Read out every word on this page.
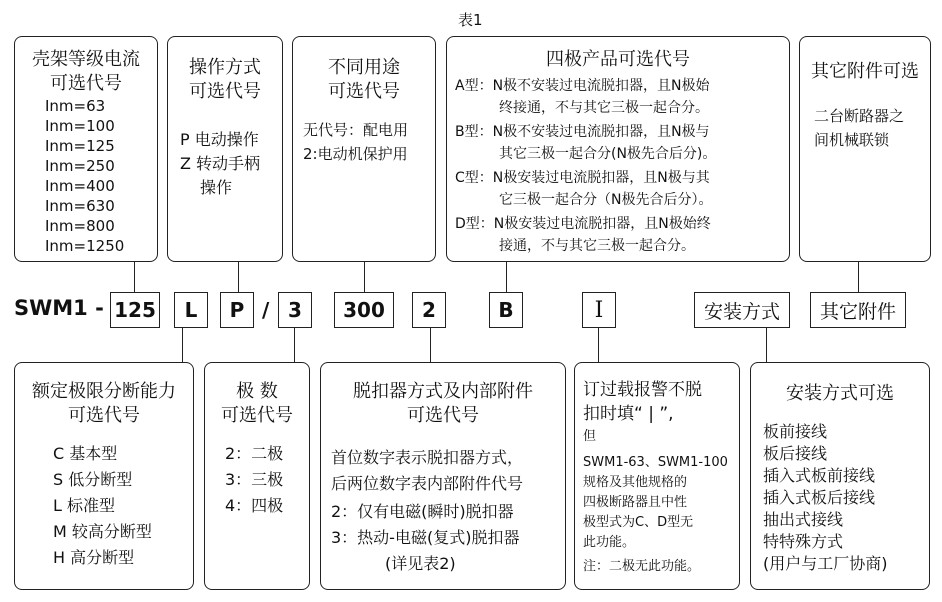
表1
壳架等级电流
可选代号
Inm=63
Inm=100
Inm=125
Inm=250
Inm=400
Inm=630
Inm=800
Inm=1250
操作方式
可选代号
P 电动操作
Z 转动手柄
操作
不同用途
可选代号
无代号：配电用
2:电动机保护用
四极产品可选代号
A型：N极不安装过电流脱扣器，且N极始
终接通，不与其它三极一起合分。
B型：N极不安装过电流脱扣器，且N极与
其它三极一起合分(N极先合后分)。
C型：N极安装过电流脱扣器，且N极与其
它三极一起合分（N极先合后分）。
D型：N极安装过电流脱扣器，且N极始终
接通，不与其它三极一起合分。
其它附件可选
二台断路器之
间机械联锁
SWM1 - 125	L	P / 3	300	2	B	I	安装方式	其它附件
额定极限分断能力
可选代号
C 基本型
S 低分断型
L 标准型
M 较高分断型
H 高分断型
极 数
可选代号
2：二极
3：三极
4：四极
脱扣器方式及内部附件
可选代号
首位数字表示脱扣器方式，
后两位数字表内部附件代号
2：仅有电磁(瞬时)脱扣器
3：热动-电磁(复式)脱扣器
(详见表2)
订过载报警不脱
扣时填“ | ”,
但
SWM1-63、SWM1-100
规格及其他规格的
四极断路器且中性
极型式为C、D型无
此功能。
注：二极无此功能。
安装方式可选
板前接线
板后接线
插入式板前接线
插入式板后接线
抽出式接线
特特殊方式
(用户与工厂协商)
